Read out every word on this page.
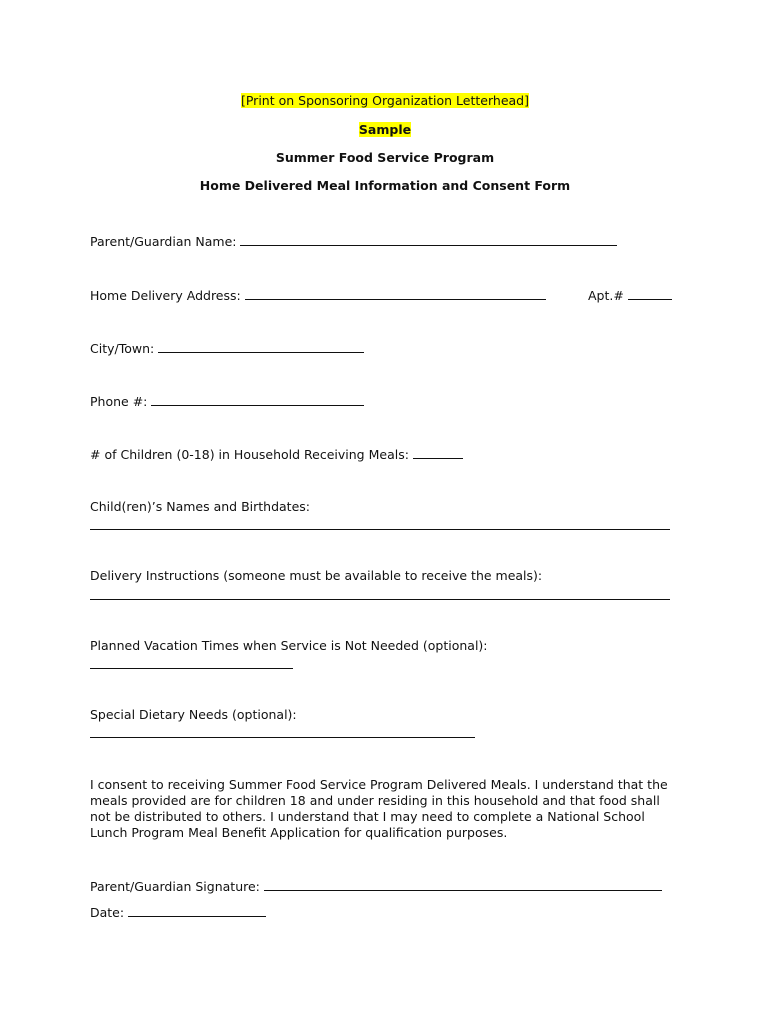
[Print on Sponsoring Organization Letterhead]
Sample
Summer Food Service Program
Home Delivered Meal Information and Consent Form
Parent/Guardian Name:
Home Delivery Address:	Apt.#
City/Town:
Phone #:
# of Children (0-18) in Household Receiving Meals:
Child(ren)’s Names and Birthdates:
Delivery Instructions (someone must be available to receive the meals):
Planned Vacation Times when Service is Not Needed (optional):
Special Dietary Needs (optional):
I consent to receiving Summer Food Service Program Delivered Meals. I understand that the
meals provided are for children 18 and under residing in this household and that food shall
not be distributed to others. I understand that I may need to complete a National School
Lunch Program Meal Benefit Application for qualification purposes.
Parent/Guardian Signature:
Date:
